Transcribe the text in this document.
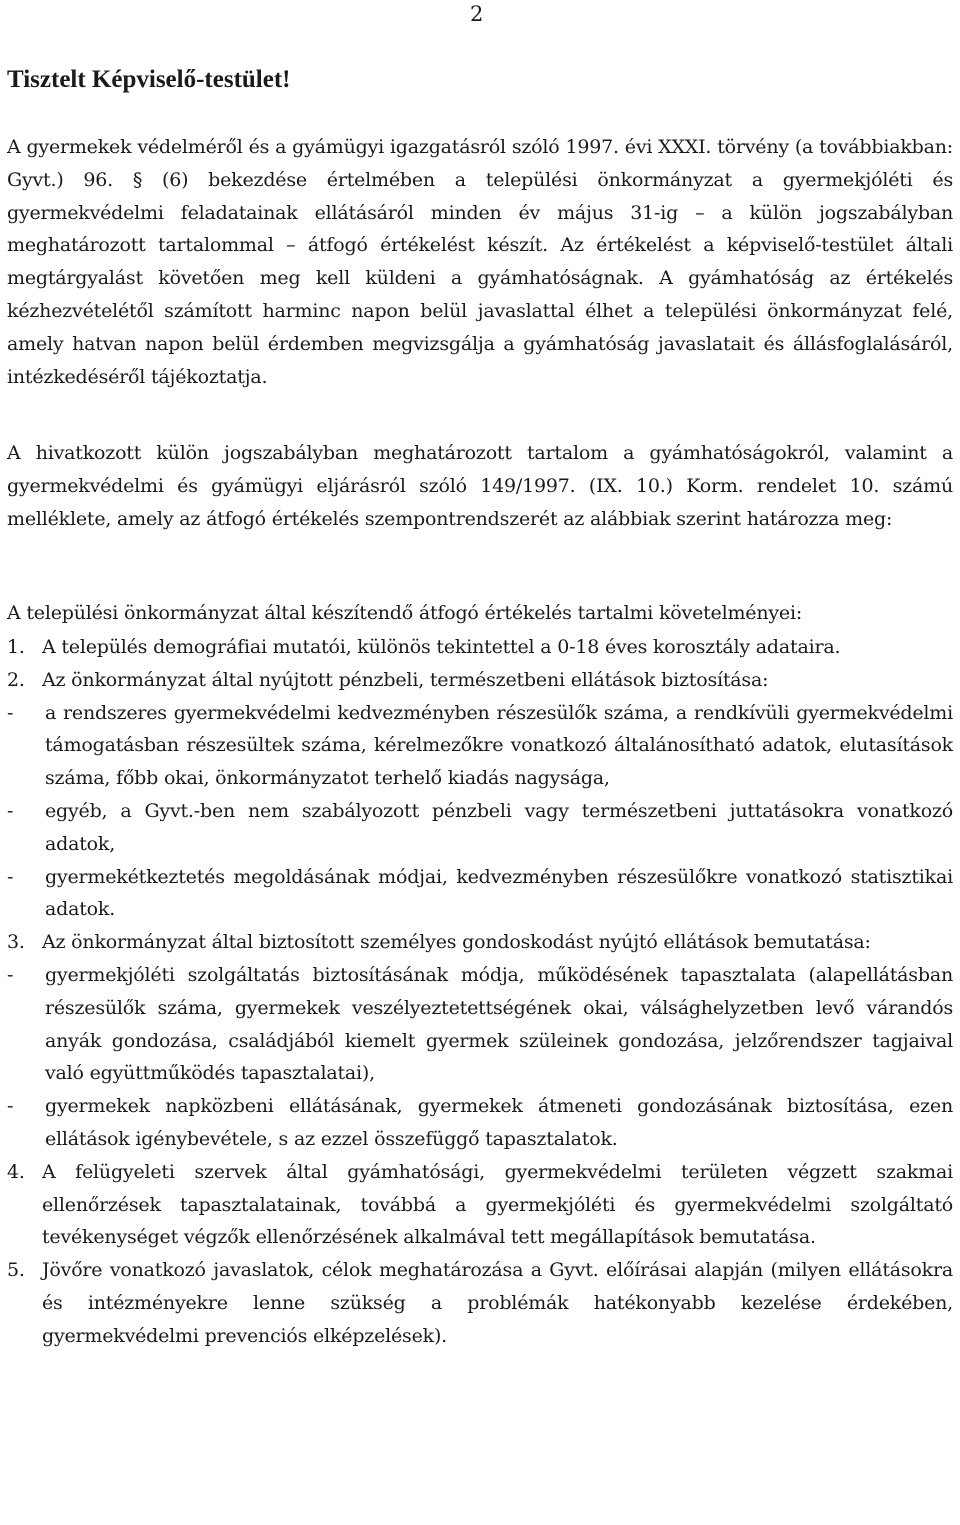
2
Tisztelt Képviselő-testület!

A gyermekek védelméről és a gyámügyi igazgatásról szóló 1997. évi XXXI. törvény (a továbbiakban: Gyvt.) 96. § (6) bekezdése értelmében a települési önkormányzat a gyermekjóléti és gyermekvédelmi feladatainak ellátásáról minden év május 31-ig – a külön jogszabályban meghatározott tartalommal – átfogó értékelést készít. Az értékelést a képviselő-testület általi megtárgyalást követően meg kell küldeni a gyámhatóságnak. A gyámhatóság az értékelés kézhezvételétől számított harminc napon belül javaslattal élhet a települési önkormányzat felé, amely hatvan napon belül érdemben megvizsgálja a gyámhatóság javaslatait és állásfoglalásáról, intézkedéséről tájékoztatja.

A hivatkozott külön jogszabályban meghatározott tartalom a gyámhatóságokról, valamint a gyermekvédelmi és gyámügyi eljárásról szóló 149/1997. (IX. 10.) Korm. rendelet 10. számú melléklete, amely az átfogó értékelés szempontrendszerét az alábbiak szerint határozza meg:

A települési önkormányzat által készítendő átfogó értékelés tartalmi követelményei:

1. A település demográfiai mutatói, különös tekintettel a 0-18 éves korosztály adataira.
2. Az önkormányzat által nyújtott pénzbeli, természetbeni ellátások biztosítása:
-	a rendszeres gyermekvédelmi kedvezményben részesülők száma, a rendkívüli gyermekvédelmi támogatásban részesültek száma, kérelmezőkre vonatkozó általánosítható adatok, elutasítások száma, főbb okai, önkormányzatot terhelő kiadás nagysága,
-	egyéb, a Gyvt.-ben nem szabályozott pénzbeli vagy természetbeni juttatásokra vonatkozó adatok,
-	gyermekétkeztetés megoldásának módjai, kedvezményben részesülőkre vonatkozó statisztikai adatok.
3. Az önkormányzat által biztosított személyes gondoskodást nyújtó ellátások bemutatása:
-	gyermekjóléti szolgáltatás biztosításának módja, működésének tapasztalata (alapellátásban részesülők száma, gyermekek veszélyeztetettségének okai, válsághelyzetben levő várandós anyák gondozása, családjából kiemelt gyermek szüleinek gondozása, jelzőrendszer tagjaival való együttműködés tapasztalatai),
-	gyermekek napközbeni ellátásának, gyermekek átmeneti gondozásának biztosítása, ezen ellátások igénybevétele, s az ezzel összefüggő tapasztalatok.
4. A felügyeleti szervek által gyámhatósági, gyermekvédelmi területen végzett szakmai ellenőrzések tapasztalatainak, továbbá a gyermekjóléti és gyermekvédelmi szolgáltató tevékenységet végzők ellenőrzésének alkalmával tett megállapítások bemutatása.
5. Jövőre vonatkozó javaslatok, célok meghatározása a Gyvt. előírásai alapján (milyen ellátásokra és intézményekre lenne szükség a problémák hatékonyabb kezelése érdekében, gyermekvédelmi prevenciós elképzelések).
